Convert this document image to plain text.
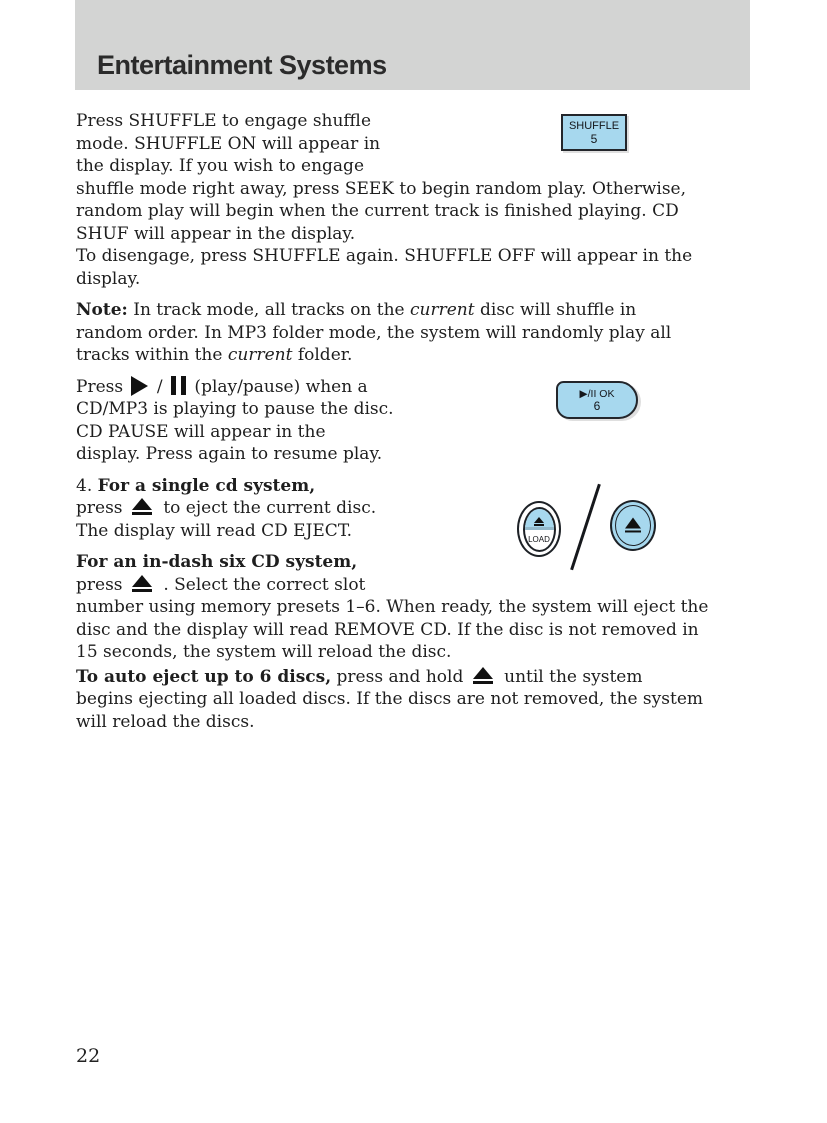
Entertainment Systems
Press SHUFFLE to engage shuffle
mode. SHUFFLE ON will appear in
the display. If you wish to engage
shuffle mode right away, press SEEK to begin random play. Otherwise,
random play will begin when the current track is finished playing. CD
SHUF will appear in the display.
To disengage, press SHUFFLE again. SHUFFLE OFF will appear in the
display.
Note: In track mode, all tracks on the current disc will shuffle in
random order. In MP3 folder mode, the system will randomly play all
tracks within the current folder.
Press  /  (play/pause) when a
CD/MP3 is playing to pause the disc.
CD PAUSE will appear in the
display. Press again to resume play.
4. For a single cd system,
press
to eject the current disc.
The display will read CD EJECT.
For an in-dash six CD system,
press
. Select the correct slot
number using memory presets 1–6. When ready, the system will eject the
disc and the display will read REMOVE CD. If the disc is not removed in
15 seconds, the system will reload the disc.
To auto eject up to 6 discs, press and hold
until the system
begins ejecting all loaded discs. If the discs are not removed, the system
will reload the discs.
SHUFFLE
5
▶/II OK
6
LOAD
22
